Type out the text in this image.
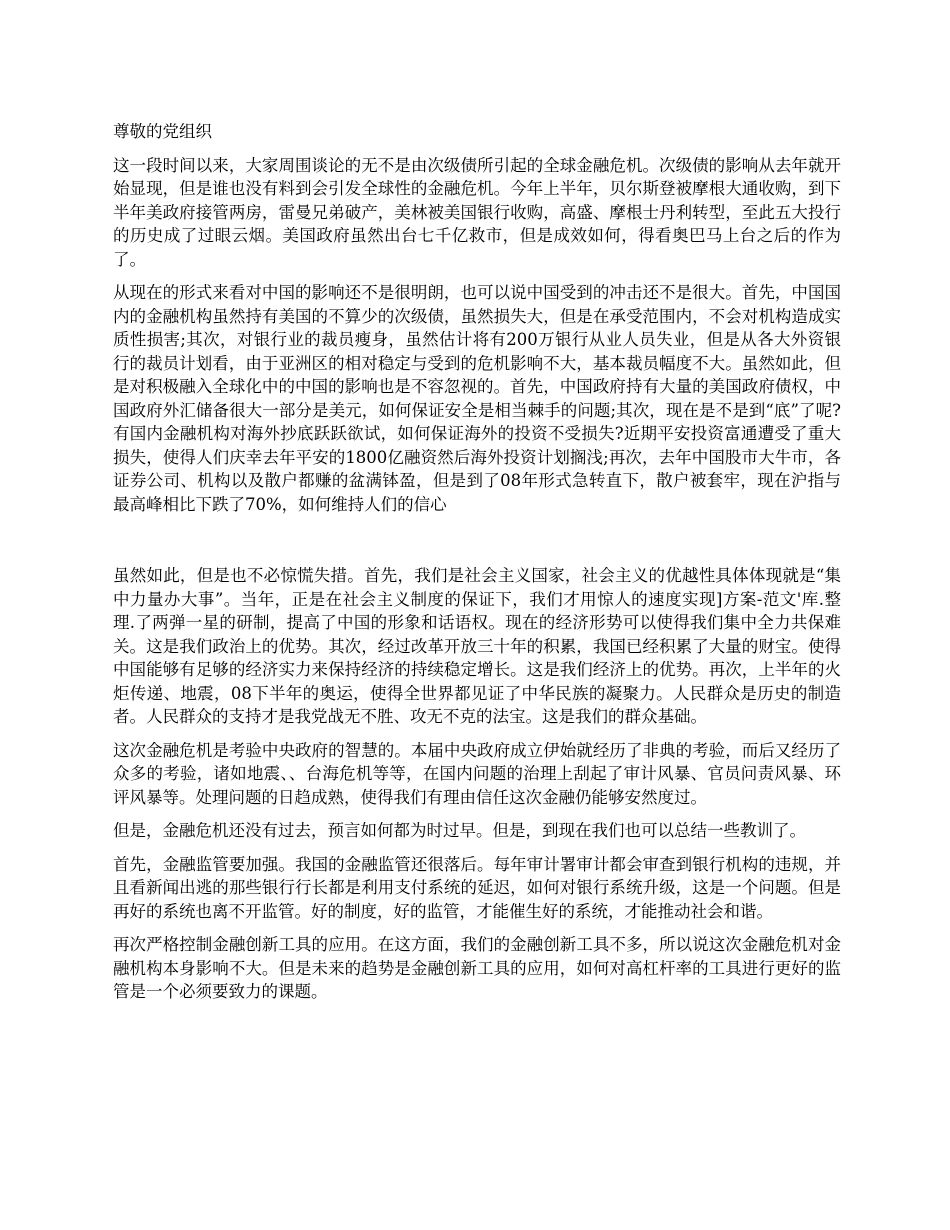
尊敬的党组织

这一段时间以来，大家周围谈论的无不是由次级债所引起的全球金融危机。次级债的影响从去年就开始显现，但是谁也没有料到会引发全球性的金融危机。今年上半年，贝尔斯登被摩根大通收购，到下半年美政府接管两房，雷曼兄弟破产，美林被美国银行收购，高盛、摩根士丹利转型，至此五大投行的历史成了过眼云烟。美国政府虽然出台七千亿救市，但是成效如何，得看奥巴马上台之后的作为了。

从现在的形式来看对中国的影响还不是很明朗，也可以说中国受到的冲击还不是很大。首先，中国国内的金融机构虽然持有美国的不算少的次级债，虽然损失大，但是在承受范围内，不会对机构造成实质性损害;其次，对银行业的裁员瘦身，虽然估计将有200万银行从业人员失业，但是从各大外资银行的裁员计划看，由于亚洲区的相对稳定与受到的危机影响不大，基本裁员幅度不大。虽然如此，但是对积极融入全球化中的中国的影响也是不容忽视的。首先，中国政府持有大量的美国政府债权，中国政府外汇储备很大一部分是美元，如何保证安全是相当棘手的问题;其次，现在是不是到“底”了呢?有国内金融机构对海外抄底跃跃欲试，如何保证海外的投资不受损失?近期平安投资富通遭受了重大损失，使得人们庆幸去年平安的1800亿融资然后海外投资计划搁浅;再次，去年中国股市大牛市，各证券公司、机构以及散户都赚的盆满钵盈，但是到了08年形式急转直下，散户被套牢，现在沪指与最高峰相比下跌了70%，如何维持人们的信心

虽然如此，但是也不必惊慌失措。首先，我们是社会主义国家，社会主义的优越性具体体现就是“集中力量办大事”。当年，正是在社会主义制度的保证下，我们才用惊人的速度实现]方案-范文'库.整理.了两弹一星的研制，提高了中国的形象和话语权。现在的经济形势可以使得我们集中全力共保难关。这是我们政治上的优势。其次，经过改革开放三十年的积累，我国已经积累了大量的财宝。使得中国能够有足够的经济实力来保持经济的持续稳定增长。这是我们经济上的优势。再次，上半年的火炬传递、地震，08下半年的奥运，使得全世界都见证了中华民族的凝聚力。人民群众是历史的制造者。人民群众的支持才是我党战无不胜、攻无不克的法宝。这是我们的群众基础。

这次金融危机是考验中央政府的智慧的。本届中央政府成立伊始就经历了非典的考验，而后又经历了众多的考验，诸如地震、、台海危机等等，在国内问题的治理上刮起了审计风暴、官员问责风暴、环评风暴等。处理问题的日趋成熟，使得我们有理由信任这次金融仍能够安然度过。

但是，金融危机还没有过去，预言如何都为时过早。但是，到现在我们也可以总结一些教训了。

首先，金融监管要加强。我国的金融监管还很落后。每年审计署审计都会审查到银行机构的违规，并且看新闻出逃的那些银行行长都是利用支付系统的延迟，如何对银行系统升级，这是一个问题。但是再好的系统也离不开监管。好的制度，好的监管，才能催生好的系统，才能推动社会和谐。

再次严格控制金融创新工具的应用。在这方面，我们的金融创新工具不多，所以说这次金融危机对金融机构本身影响不大。但是未来的趋势是金融创新工具的应用，如何对高杠杆率的工具进行更好的监管是一个必须要致力的课题。
